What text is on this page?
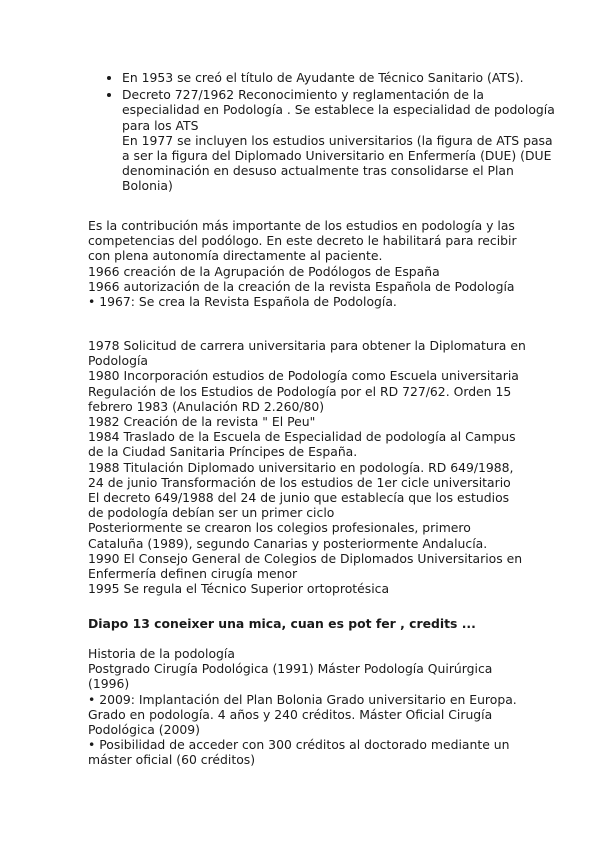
• En 1953 se creó el título de Ayudante de Técnico Sanitario (ATS).
• Decreto 727/1962 Reconocimiento y reglamentación de la especialidad en Podología . Se establece la especialidad de podología para los ATS
En 1977 se incluyen los estudios universitarios (la figura de ATS pasa a ser la figura del Diplomado Universitario en Enfermería (DUE) (DUE denominación en desuso actualmente tras consolidarse el Plan Bolonia)

Es la contribución más importante de los estudios en podología y las competencias del podólogo. En este decreto le habilitará para recibir con plena autonomía directamente al paciente.

1966 creación de la Agrupación de Podólogos de España

1966 autorización de la creación de la revista Española de Podología

• 1967: Se crea la Revista Española de Podología.

1978 Solicitud de carrera universitaria para obtener la Diplomatura en Podología

1980 Incorporación estudios de Podología como Escuela universitaria

Regulación de los Estudios de Podología por el RD 727/62. Orden 15 febrero 1983 (Anulación RD 2.260/80)

1982 Creación de la revista " El Peu"

1984 Traslado de la Escuela de Especialidad de podología al Campus de la Ciudad Sanitaria Príncipes de España.

1988 Titulación Diplomado universitario en podología. RD 649/1988, 24 de junio Transformación de los estudios de 1er cicle universitario

El decreto 649/1988 del 24 de junio que establecía que los estudios de podología debían ser un primer ciclo

Posteriormente se crearon los colegios profesionales, primero Cataluña (1989), segundo Canarias y posteriormente Andalucía.

1990 El Consejo General de Colegios de Diplomados Universitarios en Enfermería definen cirugía menor

1995 Se regula el Técnico Superior ortoprotésica

Diapo 13 coneixer una mica, cuan es pot fer , credits ...

Historia de la podología

Postgrado Cirugía Podológica (1991) Máster Podología Quirúrgica (1996)

• 2009: Implantación del Plan Bolonia Grado universitario en Europa. Grado en podología. 4 años y 240 créditos. Máster Oficial Cirugía Podológica (2009)

• Posibilidad de acceder con 300 créditos al doctorado mediante un máster oficial (60 créditos)
